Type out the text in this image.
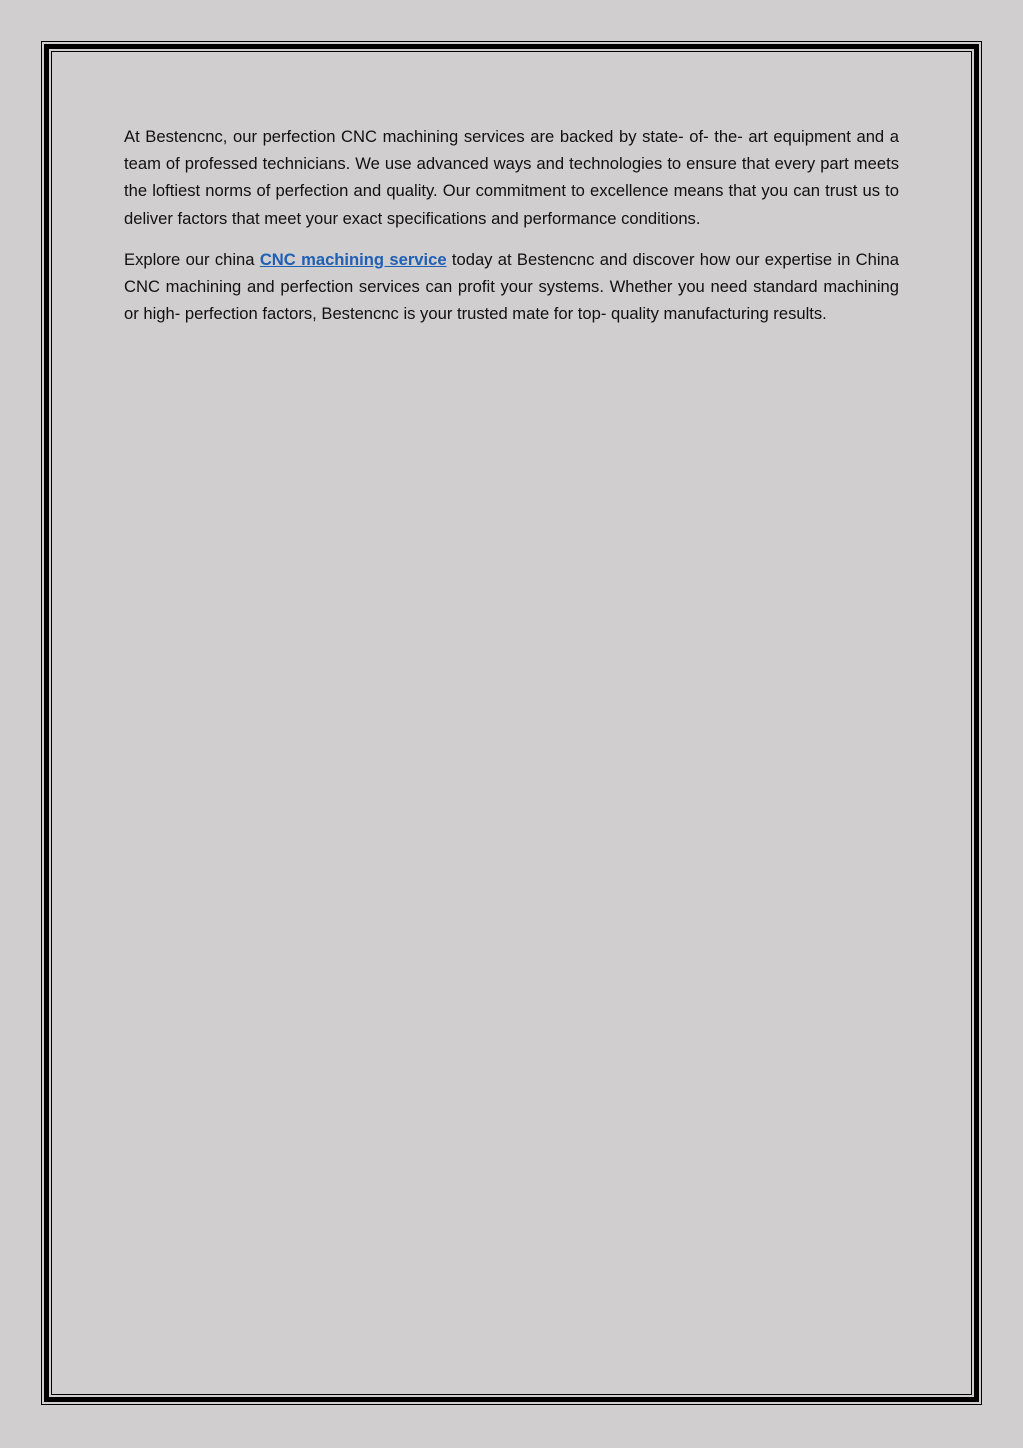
At Bestencnc, our perfection CNC machining services are backed by state- of- the- art equipment and a team of professed technicians. We use advanced ways and technologies to ensure that every part meets the loftiest norms of perfection and quality. Our commitment to excellence means that you can trust us to deliver factors that meet your exact specifications and performance conditions.

Explore our china CNC machining service today at Bestencnc and discover how our expertise in China CNC machining and perfection services can profit your systems. Whether you need standard machining or high- perfection factors, Bestencnc is your trusted mate for top- quality manufacturing results.
